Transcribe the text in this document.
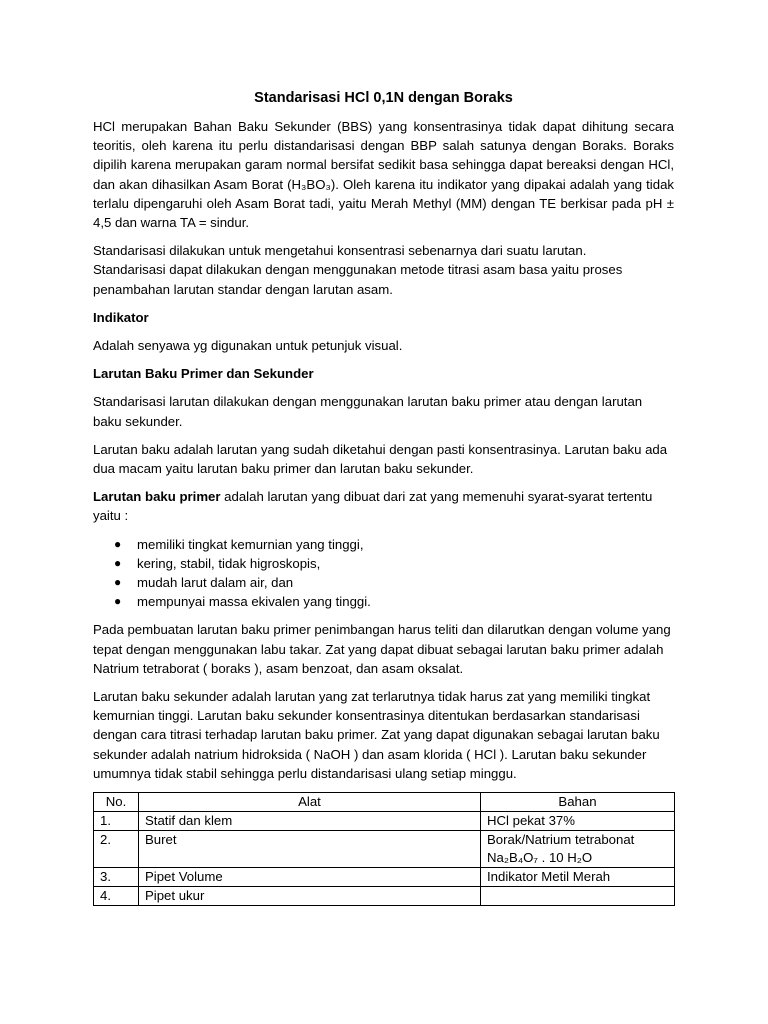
Standarisasi HCl 0,1N dengan Boraks

HCl merupakan Bahan Baku Sekunder (BBS) yang konsentrasinya tidak dapat dihitung secara teoritis, oleh karena itu perlu distandarisasi dengan BBP salah satunya dengan Boraks. Boraks dipilih karena merupakan garam normal bersifat sedikit basa sehingga dapat bereaksi dengan HCl, dan akan dihasilkan Asam Borat (H₃BO₃). Oleh karena itu indikator yang dipakai adalah yang tidak terlalu dipengaruhi oleh Asam Borat tadi, yaitu Merah Methyl (MM) dengan TE berkisar pada pH ± 4,5 dan warna TA = sindur.

Standarisasi dilakukan untuk mengetahui konsentrasi sebenarnya dari suatu larutan.
Standarisasi dapat dilakukan dengan menggunakan metode titrasi asam basa yaitu proses penambahan larutan standar dengan larutan asam.

Indikator

Adalah senyawa yg digunakan untuk petunjuk visual.

Larutan Baku Primer dan Sekunder

Standarisasi larutan dilakukan dengan menggunakan larutan baku primer atau dengan larutan baku sekunder.

Larutan baku adalah larutan yang sudah diketahui dengan pasti konsentrasinya. Larutan baku ada dua macam yaitu larutan baku primer dan larutan baku sekunder.

Larutan baku primer adalah larutan yang dibuat dari zat yang memenuhi syarat-syarat tertentu yaitu :

● memiliki tingkat kemurnian yang tinggi,
● kering, stabil, tidak higroskopis,
● mudah larut dalam air, dan
● mempunyai massa ekivalen yang tinggi.

Pada pembuatan larutan baku primer penimbangan harus teliti dan dilarutkan dengan volume yang tepat dengan menggunakan labu takar. Zat yang dapat dibuat sebagai larutan baku primer adalah Natrium tetraborat ( boraks ), asam benzoat, dan asam oksalat.

Larutan baku sekunder adalah larutan yang zat terlarutnya tidak harus zat yang memiliki tingkat kemurnian tinggi. Larutan baku sekunder konsentrasinya ditentukan berdasarkan standarisasi dengan cara titrasi terhadap larutan baku primer. Zat yang dapat digunakan sebagai larutan baku sekunder adalah natrium hidroksida ( NaOH ) dan asam klorida ( HCl ). Larutan baku sekunder umumnya tidak stabil sehingga perlu distandarisasi ulang setiap minggu.

No.	Alat	Bahan
1.	Statif dan klem	HCl pekat 37%
2.	Buret	Borak/Natrium tetrabonat
Na₂B₄O₇ . 10 H₂O
3.	Pipet Volume	Indikator Metil Merah
4.	Pipet ukur	
